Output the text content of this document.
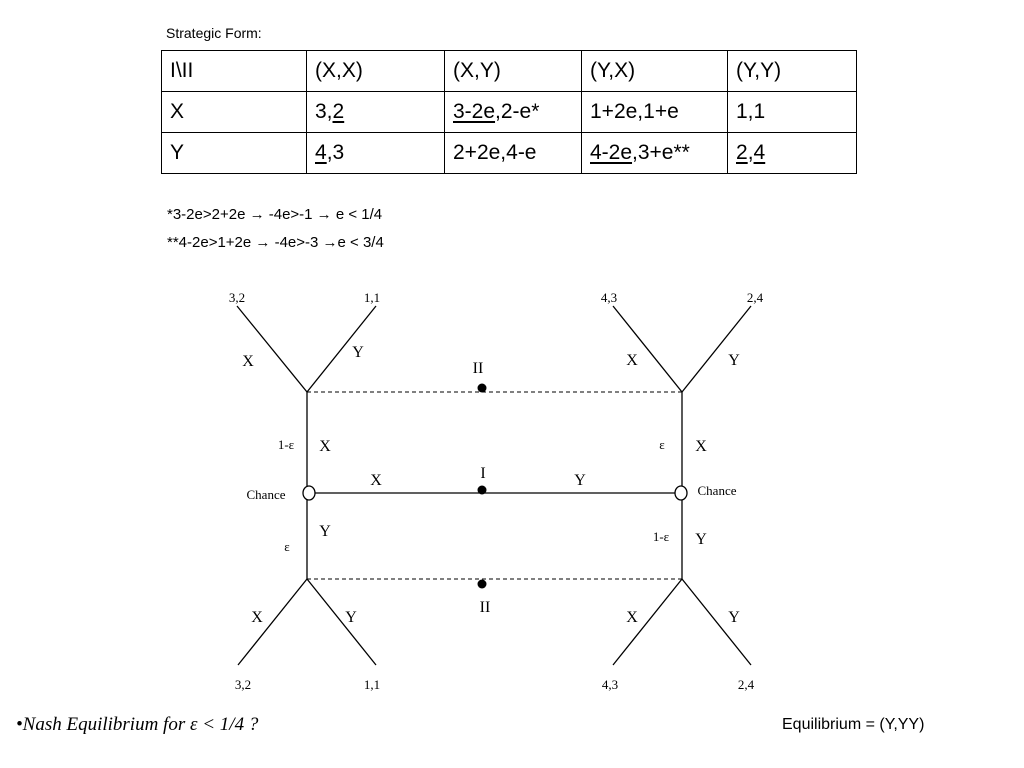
Strategic Form:
I\II	(X,X)	(X,Y)	(Y,X)	(Y,Y)
X	3,2	3-2e,2-e*	1+2e,1+e	1,1
Y	4,3	2+2e,4-e	4-2e,3+e**	2,4
*3-2e>2+2e → -4e>-1 → e < 1/4
**4-2e>1+2e → -4e>-3 →e < 3/4
3,2	1,1	4,3	2,4
3,2	1,1	4,3	2,4
X
Y	X	Y
X	Y	X	Y
X	Y
X
Y
X
Y
1-ε
ε
ε
1-ε
II
I
II
Chance	Chance
•Nash Equilibrium for ε < 1/4 ?	Equilibrium = (Y,YY)
